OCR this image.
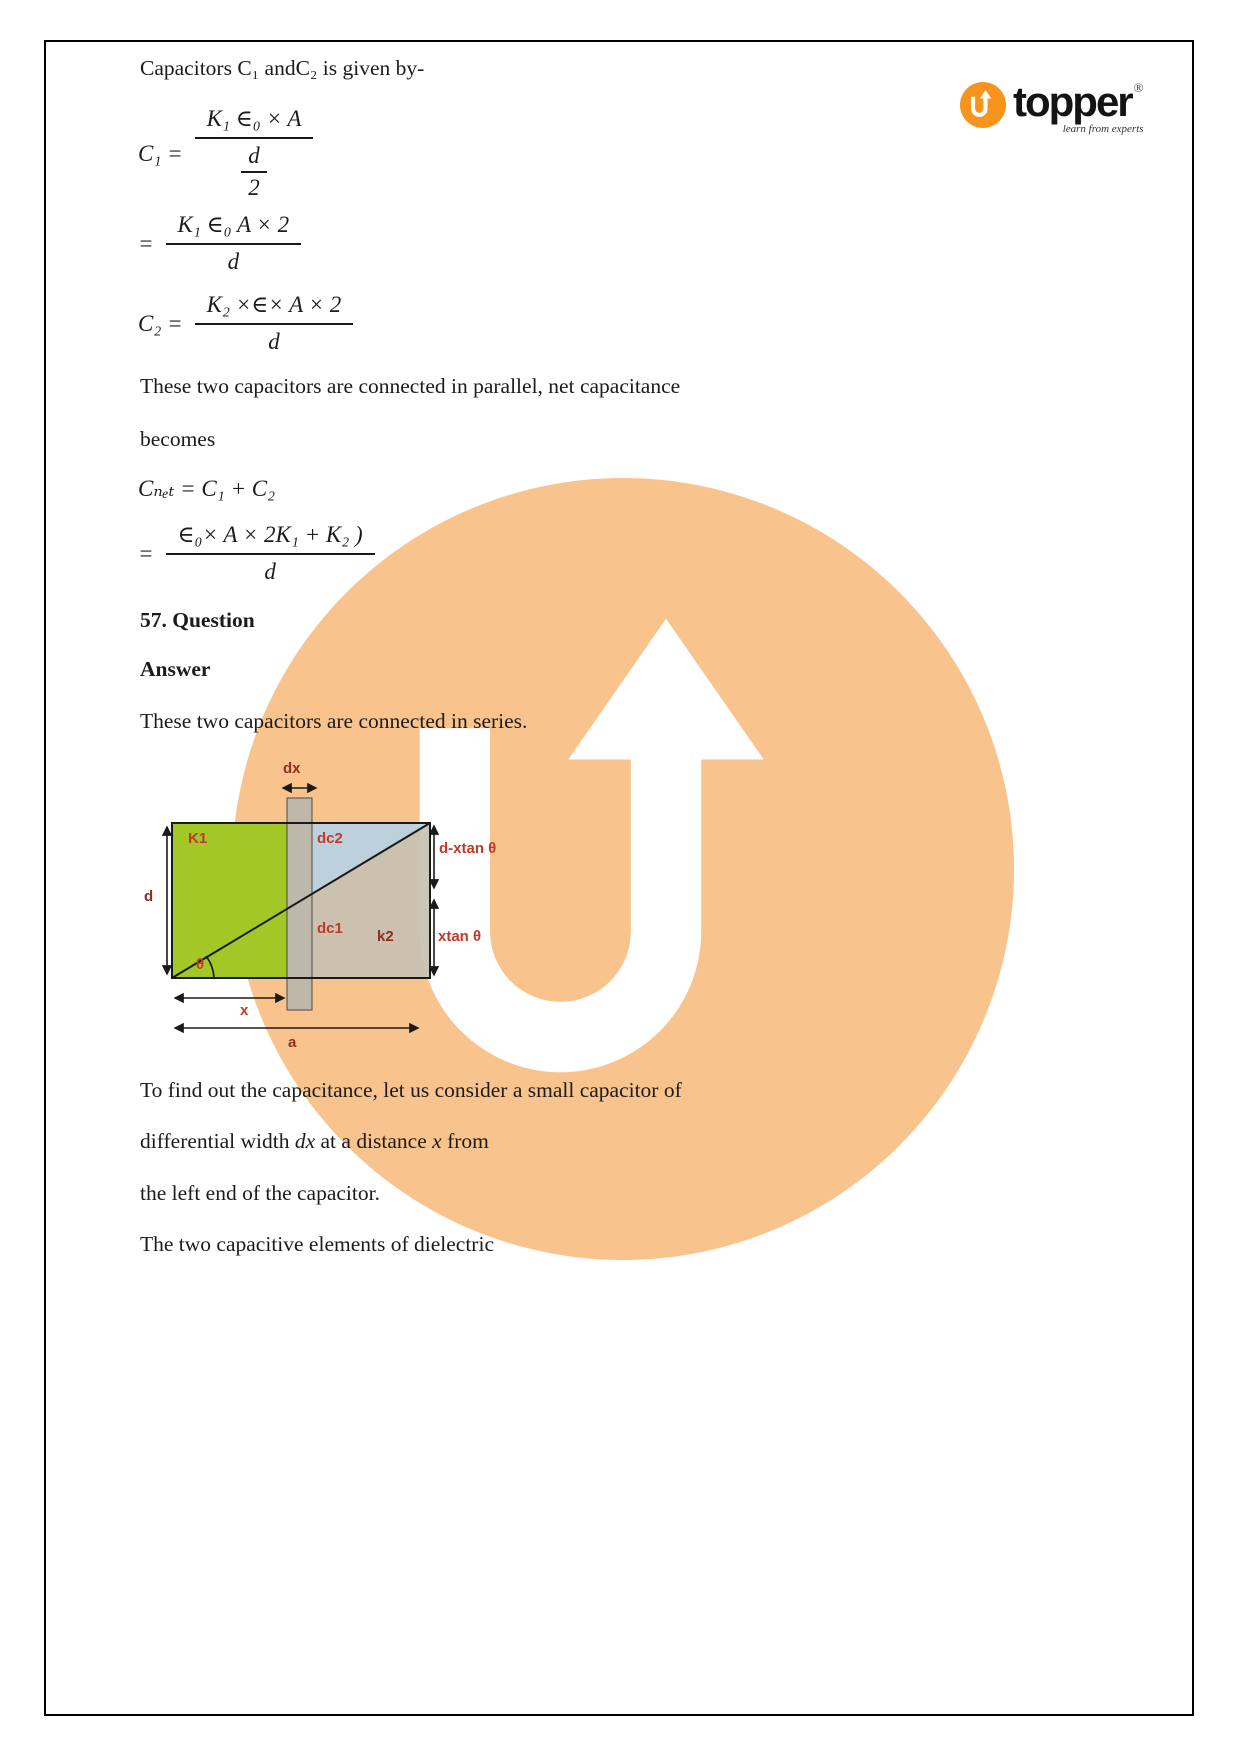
topper ®
learn from experts
Capacitors C₁ andC₂ is given by-
$C_1 = \frac{\text{K₁ ∈₀ × A}}{\frac{d}{2}}$
= $\frac{\text{K₁ ∈₀ A × 2}}{d}$
$C_2 = \frac{\text{K₂ ×∈× A × 2}}{d}$
These two capacitors are connected in parallel, net capacitance
becomes
Cₙₑₜ = C₁ + C₂
= $\frac{\text{∈₀× A × 2K₁ + K₂ )}}{d}$
57. Question
Answer
These two capacitors are connected in series.
dx
K1	dc2
d-xtan θ
d
dc1 k2	xtan θ
θ
x
a
To find out the capacitance, let us consider a small capacitor of
differential width dx at a distance x from
the left end of the capacitor.
The two capacitive elements of dielectric
